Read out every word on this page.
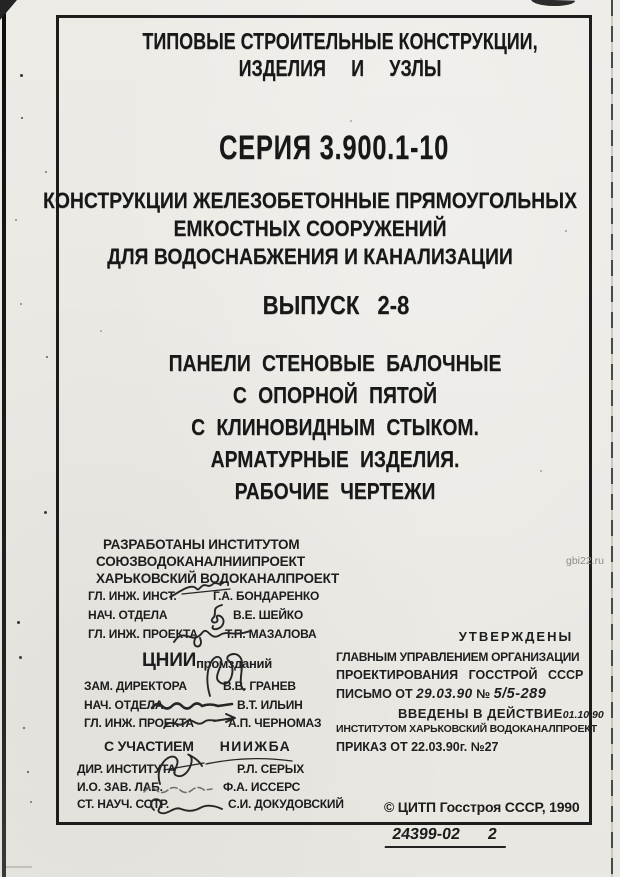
ТИПОВЫЕ СТРОИТЕЛЬНЫЕ КОНСТРУКЦИИ,
ИЗДЕЛИЯ И УЗЛЫ
СЕРИЯ 3.900.1-10
КОНСТРУКЦИИ ЖЕЛЕЗОБЕТОННЫЕ ПРЯМОУГОЛЬНЫХ
ЕМКОСТНЫХ СООРУЖЕНИЙ
ДЛЯ ВОДОСНАБЖЕНИЯ И КАНАЛИЗАЦИИ
ВЫПУСК 2-8
ПАНЕЛИ СТЕНОВЫЕ БАЛОЧНЫЕ
С ОПОРНОЙ ПЯТОЙ
С КЛИНОВИДНЫМ СТЫКОМ.
АРМАТУРНЫЕ ИЗДЕЛИЯ.
РАБОЧИЕ ЧЕРТЕЖИ
РАЗРАБОТАНЫ ИНСТИТУТОМ
СОЮЗВОДОКАНАЛНИИПРОЕКТ
ХАРЬКОВСКИЙ ВОДОКАНАЛПРОЕКТ
ГЛ. ИНЖ. ИНСТ.	Г.А. БОНДАРЕНКО
НАЧ. ОТДЕЛА	В.Е. ШЕЙКО
ГЛ. ИНЖ. ПРОЕКТА Т.П. МАЗАЛОВА
ЦНИИпромзданий
ЗАМ. ДИРЕКТОРА	В.В. ГРАНЕВ
НАЧ. ОТДЕЛА	В.Т. ИЛЬИН
ГЛ. ИНЖ. ПРОЕКТА	А.П. ЧЕРНОМАЗ
С УЧАСТИЕМ НИИЖБА
ДИР. ИНСТИТУТА	Р.Л. СЕРЫХ
И.О. ЗАВ. ЛАБ.	Ф.А. ИССЕРС
СТ. НАУЧ. СОТР.	С.И. ДОКУДОВСКИЙ
УТВЕРЖДЕНЫ
ГЛАВНЫМ УПРАВЛЕНИЕМ ОРГАНИЗАЦИИ
ПРОЕКТИРОВАНИЯ ГОССТРОЙ СССР
ПИСЬМО ОТ 29.03.90 № 5/5-289
ВВЕДЕНЫ В ДЕЙСТВИЕ01.10.90
ИНСТИТУТОМ ХАРЬКОВСКИЙ ВОДОКАНАЛПРОЕКТ
ПРИКАЗ ОТ 22.03.90г. №27
© ЦИТП Госстроя СССР, 1990
24399-02 2
gbi22.ru
